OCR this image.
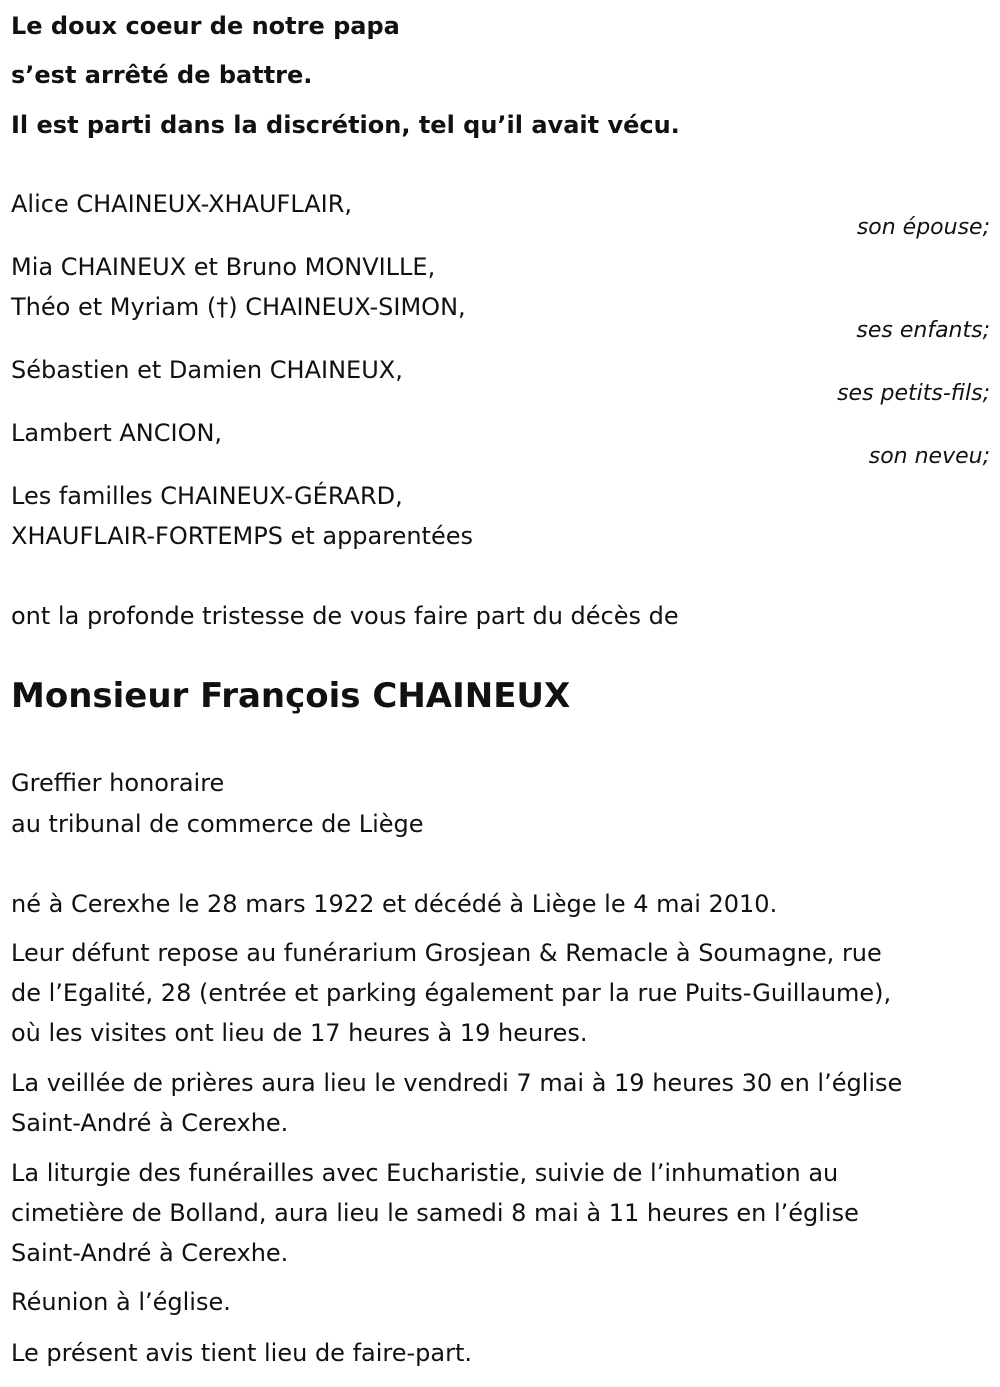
Le doux coeur de notre papa

s’est arrêté de battre.

Il est parti dans la discrétion, tel qu’il avait vécu.

Alice CHAINEUX-XHAUFLAIR,

son épouse;

Mia CHAINEUX et Bruno MONVILLE,

Théo et Myriam (†) CHAINEUX-SIMON,

ses enfants;

Sébastien et Damien CHAINEUX,

ses petits-fils;

Lambert ANCION,

son neveu;

Les familles CHAINEUX-GÉRARD,

XHAUFLAIR-FORTEMPS et apparentées

ont la profonde tristesse de vous faire part du décès de

Monsieur François CHAINEUX

Greffier honoraire

au tribunal de commerce de Liège

né à Cerexhe le 28 mars 1922 et décédé à Liège le 4 mai 2010.

Leur défunt repose au funérarium Grosjean & Remacle à Soumagne, rue
de l’Egalité, 28 (entrée et parking également par la rue Puits-Guillaume),
où les visites ont lieu de 17 heures à 19 heures.
La veillée de prières aura lieu le vendredi 7 mai à 19 heures 30 en l’église
Saint-André à Cerexhe.
La liturgie des funérailles avec Eucharistie, suivie de l’inhumation au
cimetière de Bolland, aura lieu le samedi 8 mai à 11 heures en l’église
Saint-André à Cerexhe.

Réunion à l’église.

Le présent avis tient lieu de faire-part.
